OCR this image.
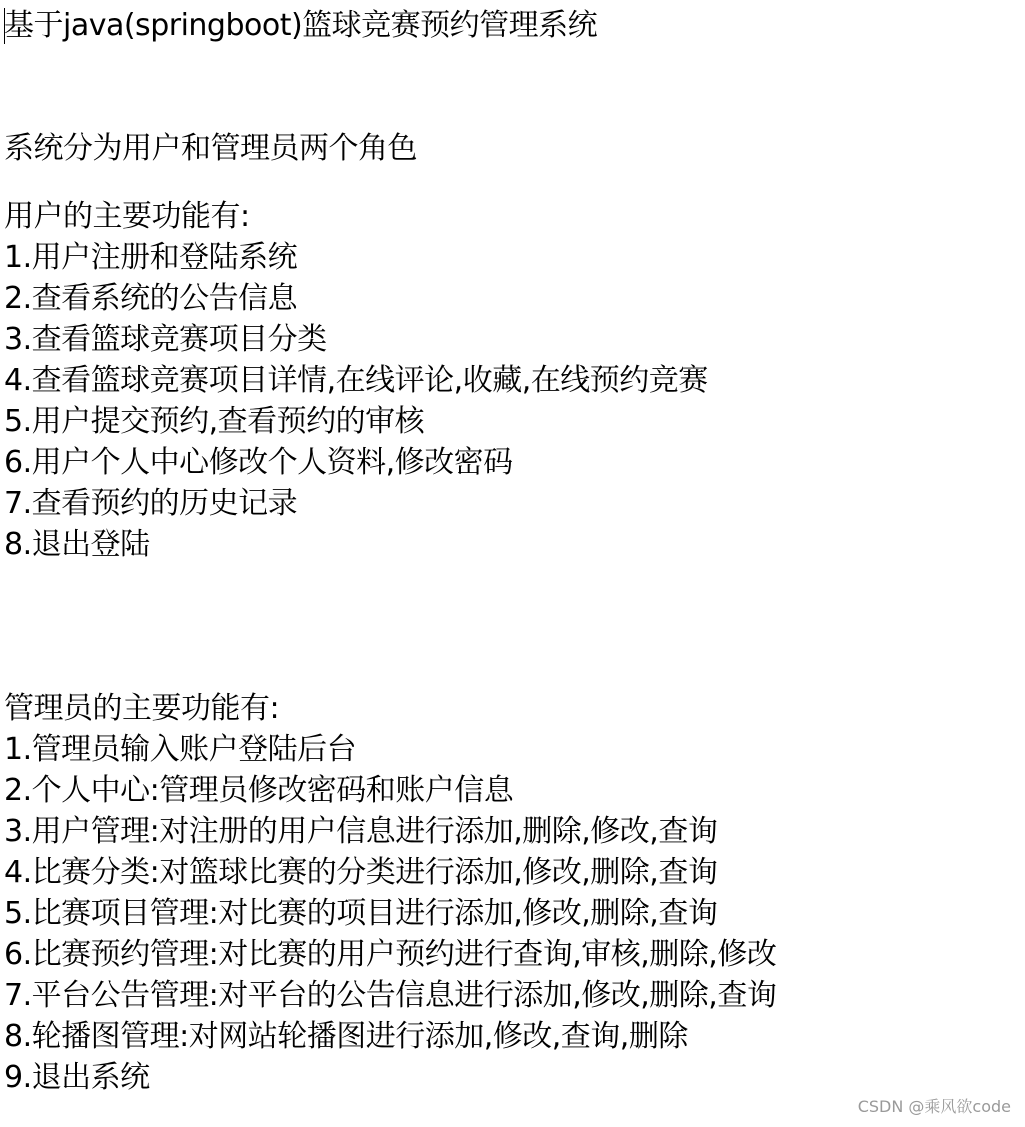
基于java(springboot)篮球竞赛预约管理系统
系统分为用户和管理员两个角色
用户的主要功能有:
1.用户注册和登陆系统
2.查看系统的公告信息
3.查看篮球竞赛项目分类
4.查看篮球竞赛项目详情,在线评论,收藏,在线预约竞赛
5.用户提交预约,查看预约的审核
6.用户个人中心修改个人资料,修改密码
7.查看预约的历史记录
8.退出登陆
管理员的主要功能有:
1.管理员输入账户登陆后台
2.个人中心:管理员修改密码和账户信息
3.用户管理:对注册的用户信息进行添加,删除,修改,查询
4.比赛分类:对篮球比赛的分类进行添加,修改,删除,查询
5.比赛项目管理:对比赛的项目进行添加,修改,删除,查询
6.比赛预约管理:对比赛的用户预约进行查询,审核,删除,修改
7.平台公告管理:对平台的公告信息进行添加,修改,删除,查询
8.轮播图管理:对网站轮播图进行添加,修改,查询,删除
9.退出系统
CSDN @乘风欲code
